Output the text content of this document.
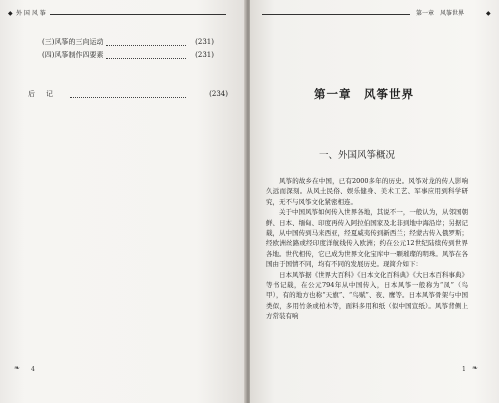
◆ 外 国 风 筝
(三)风筝的三向运动	(231)
(四)风筝制作四要素	(231)
后记	(234)
❧ 4
第一章　风筝世界	◆
1 ❧
第一章　风筝世界
一、外国风筝概况

风筝的故乡在中国，已有2000多年的历史。风筝对龙的传人影响久远而深刻。从风土民俗、娱乐健身、美术工艺、军事应用到科学研究，无不与风筝文化紧密相连。

关于中国风筝如何传入世界各地，其说不一，一般认为，从邻国朝鲜、日本、缅甸、印度再传入阿拉伯国家及北非到地中海沿岸；另据记载，从中国传到马来西亚，经夏威夷传到新西兰；经蒙古传入俄罗斯；经欧洲丝路或经印度洋航线传入欧洲；约在公元12世纪陆续传到世界各地。世代相传，它已成为世界文化宝库中一颗璀璨的明珠。风筝在各国由于国情不同，均有不同的发展历史。现简介如下：

日本风筝据《世界大百科》《日本文化百科典》《大日本百科事典》等书记载，在公元794年从中国传入，日本风筝一般称为“凤”（鸟甲），有的地方也称“天旗”、“鸟赋”、夜、鹰等。日本风筝骨架与中国类似，多用竹条或柏木等，面料多用和纸（似中国宣纸）。风筝背侧上方常装有响
